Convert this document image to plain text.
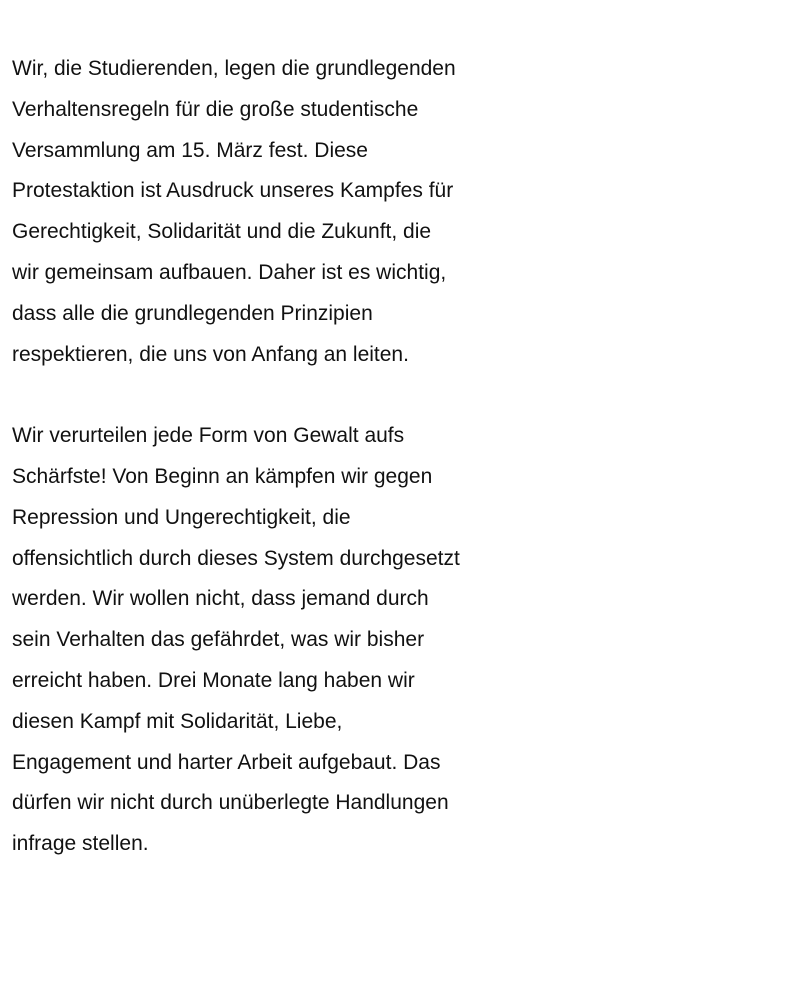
Wir, die Studierenden, legen die grundlegenden
Verhaltensregeln für die große studentische
Versammlung am 15. März fest. Diese
Protestaktion ist Ausdruck unseres Kampfes für
Gerechtigkeit, Solidarität und die Zukunft, die
wir gemeinsam aufbauen. Daher ist es wichtig,
dass alle die grundlegenden Prinzipien
respektieren, die uns von Anfang an leiten.
Wir verurteilen jede Form von Gewalt aufs
Schärfste! Von Beginn an kämpfen wir gegen
Repression und Ungerechtigkeit, die
offensichtlich durch dieses System durchgesetzt
werden. Wir wollen nicht, dass jemand durch
sein Verhalten das gefährdet, was wir bisher
erreicht haben. Drei Monate lang haben wir
diesen Kampf mit Solidarität, Liebe,
Engagement und harter Arbeit aufgebaut. Das
dürfen wir nicht durch unüberlegte Handlungen
infrage stellen.
